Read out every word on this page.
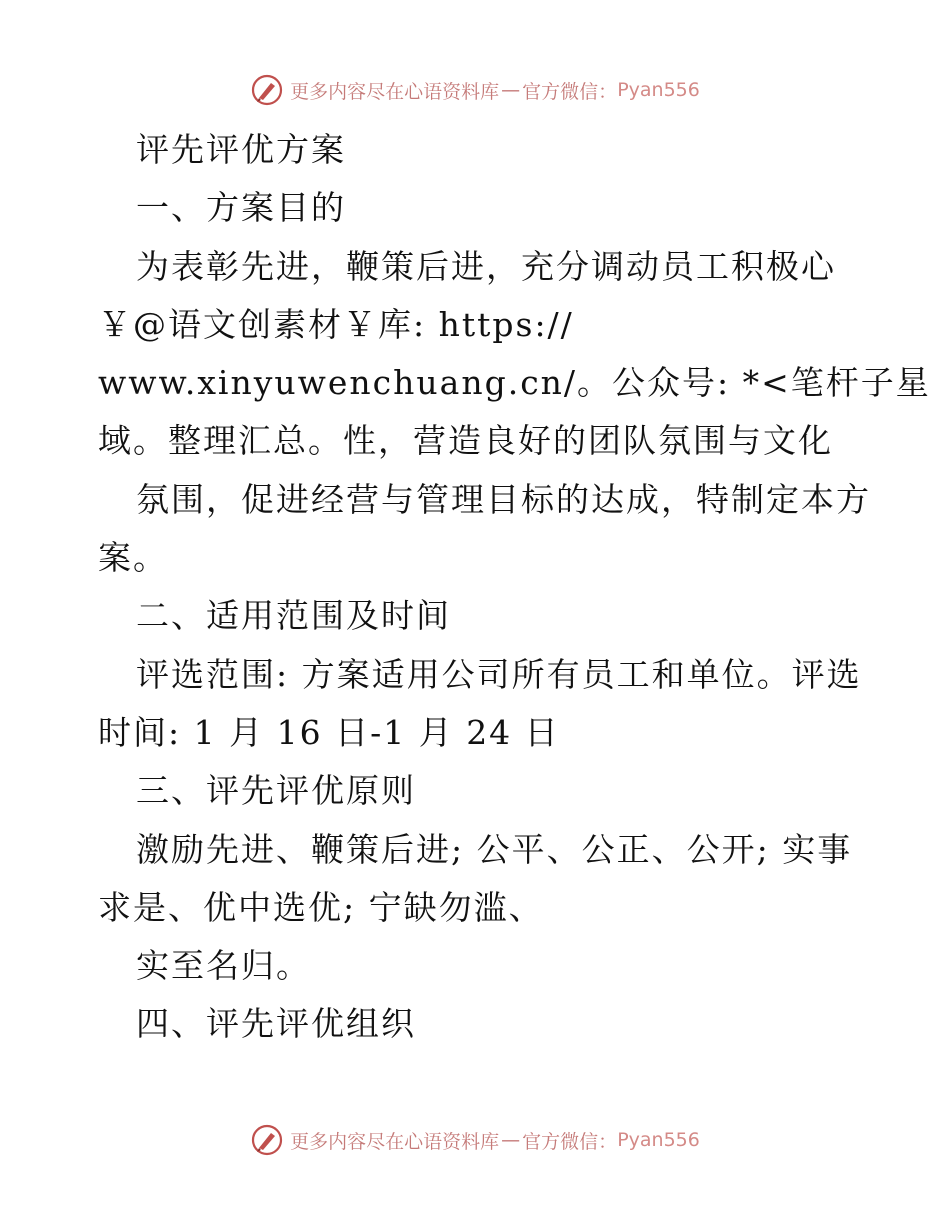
更多内容尽在心语资料库 — 官方微信： Pyan556
评先评优方案
一、方案目的
为表彰先进，鞭策后进，充分调动员工积极心
￥@语文创素材￥库: https://
www.xinyuwenchuang.cn/。公众号: *<笔杆子星
域。整理汇总。性，营造良好的团队氛围与文化
氛围，促进经营与管理目标的达成，特制定本方
案。
二、适用范围及时间
评选范围: 方案适用公司所有员工和单位。评选
时间: 1 月 16 日-1 月 24 日
三、评先评优原则
激励先进、鞭策后进; 公平、公正、公开; 实事
求是、优中选优; 宁缺勿滥、
实至名归。
四、评先评优组织
更多内容尽在心语资料库 — 官方微信： Pyan556
